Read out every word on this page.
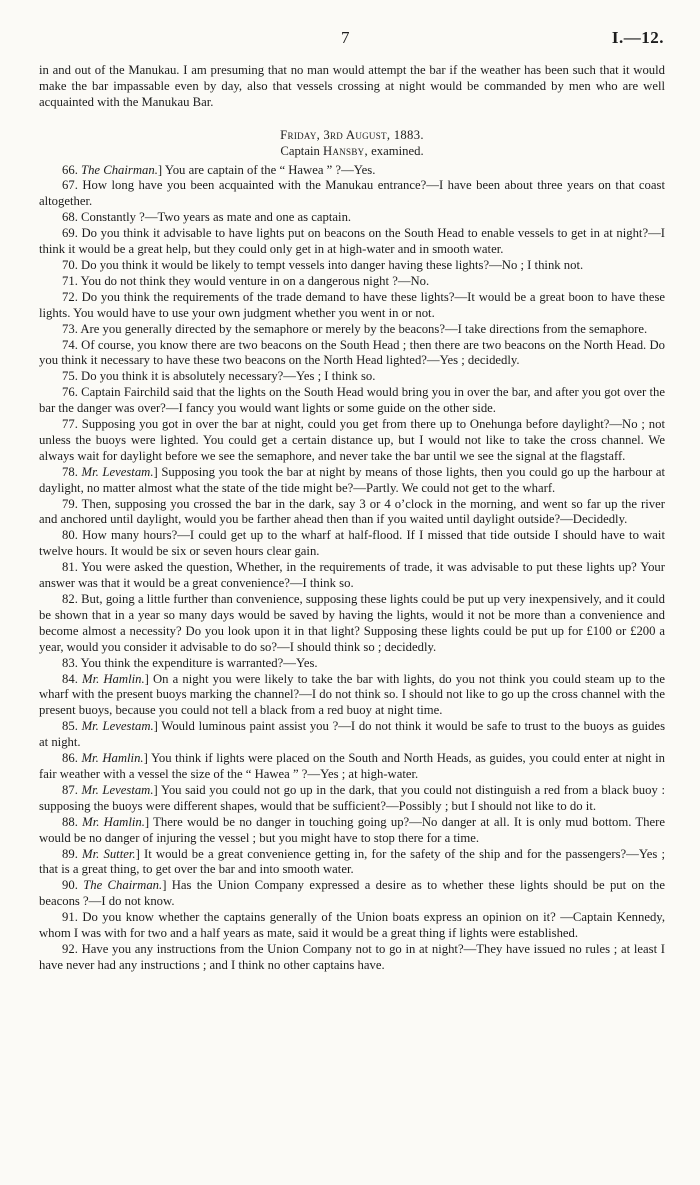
7	I.—12.

in and out of the Manukau. I am presuming that no man would attempt the bar if the weather has been such that it would make the bar impassable even by day, also that vessels crossing at night would be commanded by men who are well acquainted with the Manukau Bar.

Friday, 3rd August, 1883.

Captain Hansby, examined.

66. The Chairman.] You are captain of the “ Hawea ” ?—Yes.

67. How long have you been acquainted with the Manukau entrance?—I have been about three years on that coast altogether.

68. Constantly ?—Two years as mate and one as captain.

69. Do you think it advisable to have lights put on beacons on the South Head to enable vessels to get in at night?—I think it would be a great help, but they could only get in at high-water and in smooth water.

70. Do you think it would be likely to tempt vessels into danger having these lights?—No ; I think not.

71. You do not think they would venture in on a dangerous night ?—No.

72. Do you think the requirements of the trade demand to have these lights?—It would be a great boon to have these lights. You would have to use your own judgment whether you went in or not.

73. Are you generally directed by the semaphore or merely by the beacons?—I take directions from the semaphore.

74. Of course, you know there are two beacons on the South Head ; then there are two beacons on the North Head. Do you think it necessary to have these two beacons on the North Head lighted?—Yes ; decidedly.

75. Do you think it is absolutely necessary?—Yes ; I think so.

76. Captain Fairchild said that the lights on the South Head would bring you in over the bar, and after you got over the bar the danger was over?—I fancy you would want lights or some guide on the other side.

77. Supposing you got in over the bar at night, could you get from there up to Onehunga before daylight?—No ; not unless the buoys were lighted. You could get a certain distance up, but I would not like to take the cross channel. We always wait for daylight before we see the semaphore, and never take the bar until we see the signal at the flagstaff.

78. Mr. Levestam.] Supposing you took the bar at night by means of those lights, then you could go up the harbour at daylight, no matter almost what the state of the tide might be?—Partly. We could not get to the wharf.

79. Then, supposing you crossed the bar in the dark, say 3 or 4 o’clock in the morning, and went so far up the river and anchored until daylight, would you be farther ahead then than if you waited until daylight outside?—Decidedly.

80. How many hours?—I could get up to the wharf at half-flood. If I missed that tide outside I should have to wait twelve hours. It would be six or seven hours clear gain.

81. You were asked the question, Whether, in the requirements of trade, it was advisable to put these lights up? Your answer was that it would be a great convenience?—I think so.

82. But, going a little further than convenience, supposing these lights could be put up very inexpensively, and it could be shown that in a year so many days would be saved by having the lights, would it not be more than a convenience and become almost a necessity? Do you look upon it in that light? Supposing these lights could be put up for £100 or £200 a year, would you consider it advisable to do so?—I should think so ; decidedly.

83. You think the expenditure is warranted?—Yes.

84. Mr. Hamlin.] On a night you were likely to take the bar with lights, do you not think you could steam up to the wharf with the present buoys marking the channel?—I do not think so. I should not like to go up the cross channel with the present buoys, because you could not tell a black from a red buoy at night time.

85. Mr. Levestam.] Would luminous paint assist you ?—I do not think it would be safe to trust to the buoys as guides at night.

86. Mr. Hamlin.] You think if lights were placed on the South and North Heads, as guides, you could enter at night in fair weather with a vessel the size of the “ Hawea ” ?—Yes ; at high-water.

87. Mr. Levestam.] You said you could not go up in the dark, that you could not distinguish a red from a black buoy : supposing the buoys were different shapes, would that be sufficient?—Possibly ; but I should not like to do it.

88. Mr. Hamlin.] There would be no danger in touching going up?—No danger at all. It is only mud bottom. There would be no danger of injuring the vessel ; but you might have to stop there for a time.

89. Mr. Sutter.] It would be a great convenience getting in, for the safety of the ship and for the passengers?—Yes ; that is a great thing, to get over the bar and into smooth water.

90. The Chairman.] Has the Union Company expressed a desire as to whether these lights should be put on the beacons ?—I do not know.

91. Do you know whether the captains generally of the Union boats express an opinion on it? —Captain Kennedy, whom I was with for two and a half years as mate, said it would be a great thing if lights were established.

92. Have you any instructions from the Union Company not to go in at night?—They have issued no rules ; at least I have never had any instructions ; and I think no other captains have.
